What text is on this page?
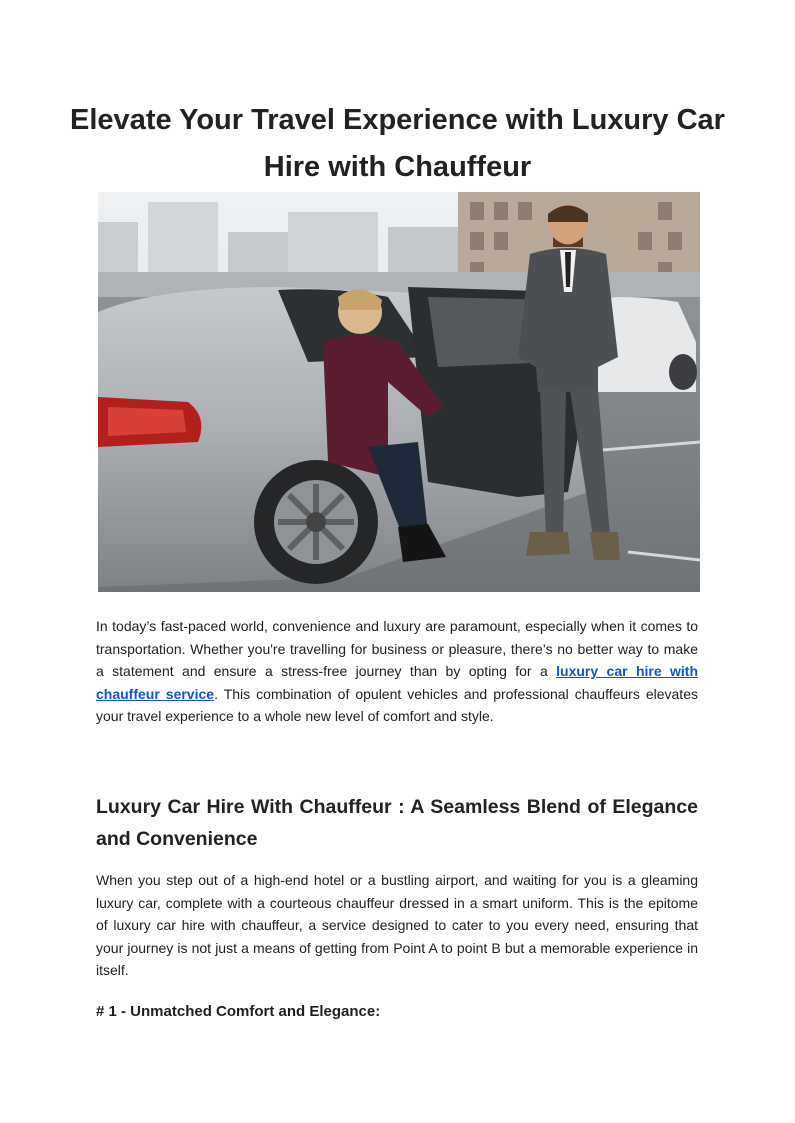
Elevate Your Travel Experience with Luxury Car Hire with Chauffeur

In today’s fast-paced world, convenience and luxury are paramount, especially when it comes to transportation. Whether you're travelling for business or pleasure, there’s no better way to make a statement and ensure a stress-free journey than by opting for a luxury car hire with chauffeur service. This combination of opulent vehicles and professional chauffeurs elevates your travel experience to a whole new level of comfort and style.

Luxury Car Hire With Chauffeur : A Seamless Blend of Elegance and Convenience

When you step out of a high-end hotel or a bustling airport, and waiting for you is a gleaming luxury car, complete with a courteous chauffeur dressed in a smart uniform. This is the epitome of luxury car hire with chauffeur, a service designed to cater to you every need, ensuring that your journey is not just a means of getting from Point A to point B but a memorable experience in itself.

# 1 - Unmatched Comfort and Elegance:
